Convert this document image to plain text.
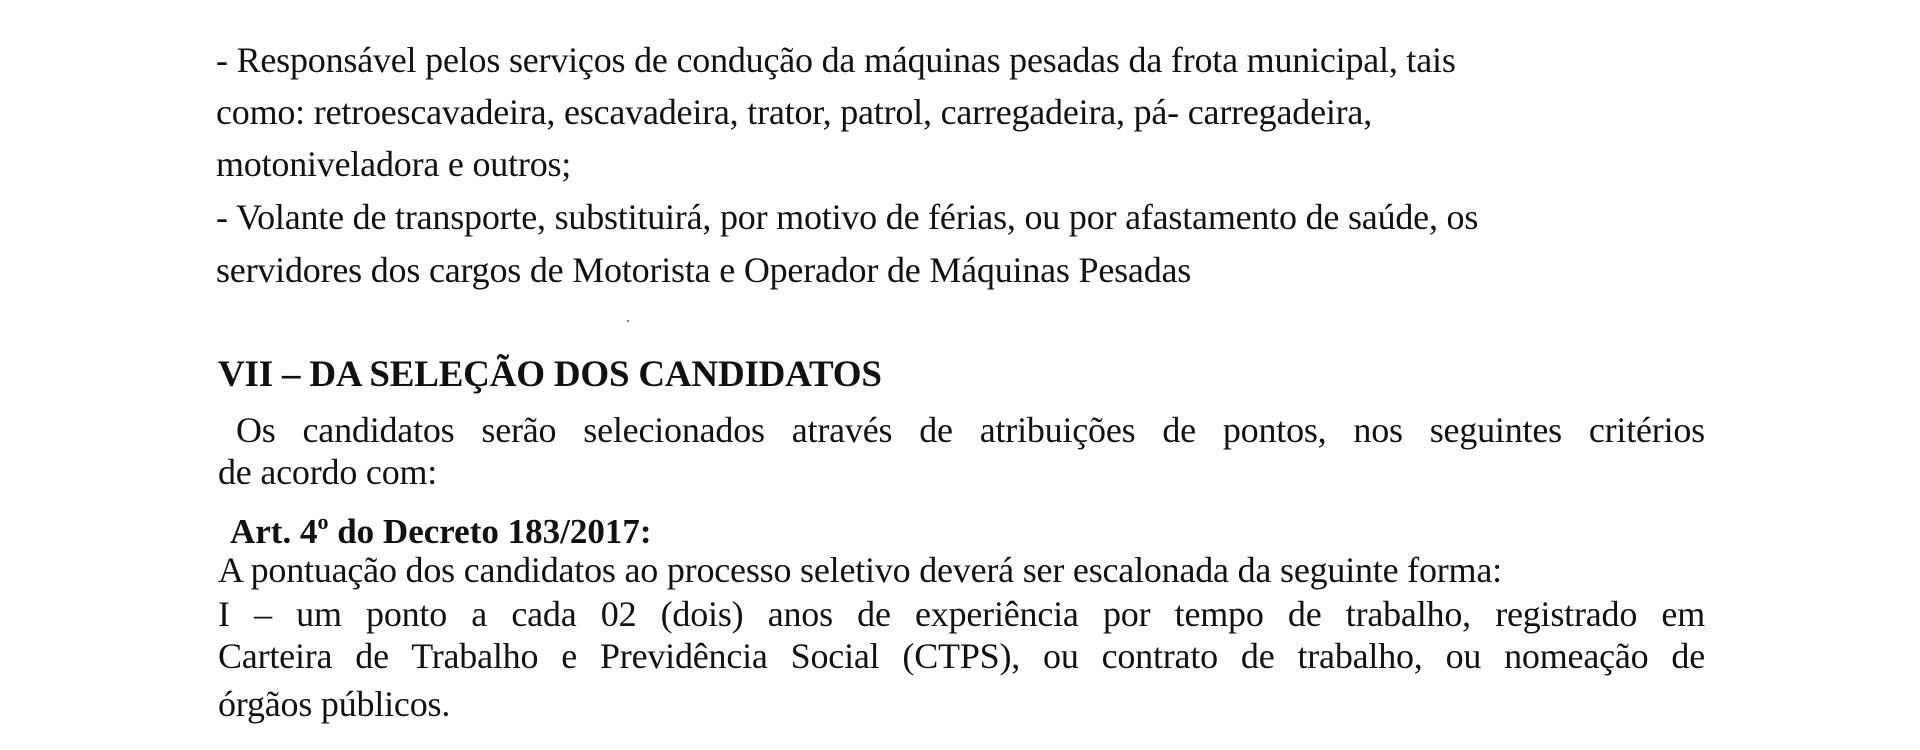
- Responsável pelos serviços de condução da máquinas pesadas da frota municipal, tais
como: retroescavadeira, escavadeira, trator, patrol, carregadeira, pá- carregadeira,
motoniveladora e outros;
- Volante de transporte, substituirá, por motivo de férias, ou por afastamento de saúde, os
servidores dos cargos de Motorista e Operador de Máquinas Pesadas
VII – DA SELEÇÃO DOS CANDIDATOS
Os candidatos serão selecionados através de atribuições de pontos, nos seguintes critérios
de acordo com:
Art. 4$^o$ do Decreto 183/2017:
A pontuação dos candidatos ao processo seletivo deverá ser escalonada da seguinte forma:
I – um ponto a cada 02 (dois) anos de experiência por tempo de trabalho, registrado em
Carteira de Trabalho e Previdência Social (CTPS), ou contrato de trabalho, ou nomeação de
órgãos públicos.
